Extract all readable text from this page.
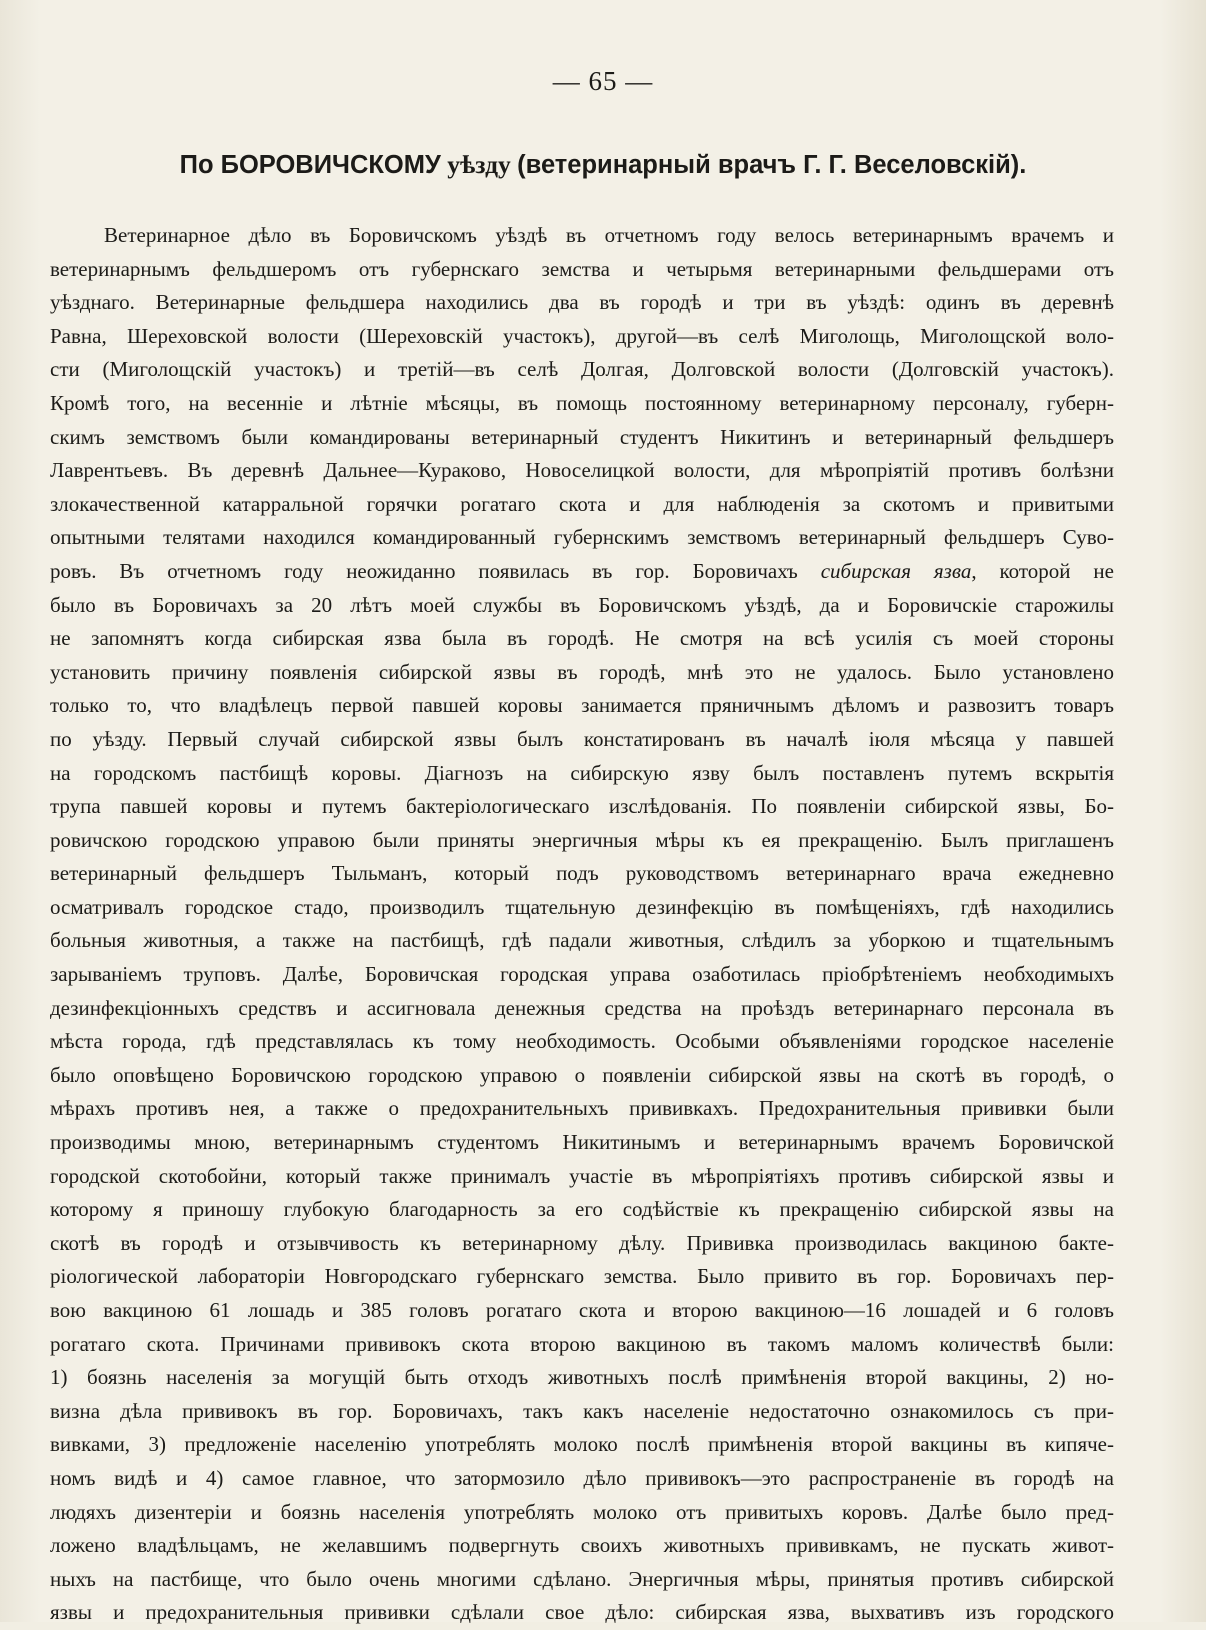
— 65 —
По БОРОВИЧСКОМУ уѣзду (ветеринарный врачъ Г. Г. Веселовскій).
Ветеринарное дѣло въ Боровичскомъ уѣздѣ въ отчетномъ году велось ветеринарнымъ врачемъ и
ветеринарнымъ фельдшеромъ отъ губернскаго земства и четырьмя ветеринарными фельдшерами отъ
уѣзднаго. Ветеринарные фельдшера находились два въ городѣ и три въ уѣздѣ: одинъ въ деревнѣ
Равна, Шереховской волости (Шереховскій участокъ), другой—въ селѣ Миголощь, Миголощской воло-
сти (Миголощскій участокъ) и третій—въ селѣ Долгая, Долговской волости (Долговскій участокъ).
Кромѣ того, на весенніе и лѣтніе мѣсяцы, въ помощь постоянному ветеринарному персоналу, губерн-
скимъ земствомъ были командированы ветеринарный студентъ Никитинъ и ветеринарный фельдшеръ
Лаврентьевъ. Въ деревнѣ Дальнее—Кураково, Новоселицкой волости, для мѣропріятій противъ болѣзни
злокачественной катарральной горячки рогатаго скота и для наблюденія за скотомъ и привитыми
опытными телятами находился командированный губернскимъ земствомъ ветеринарный фельдшеръ Суво-
ровъ. Въ отчетномъ году неожиданно появилась въ гор. Боровичахъ сибирская язва, которой не
было въ Боровичахъ за 20 лѣтъ моей службы въ Боровичскомъ уѣздѣ, да и Боровичскіе старожилы
не запомнятъ когда сибирская язва была въ городѣ. Не смотря на всѣ усилія съ моей стороны
установить причину появленія сибирской язвы въ городѣ, мнѣ это не удалось. Было установлено
только то, что владѣлецъ первой павшей коровы занимается пряничнымъ дѣломъ и развозитъ товаръ
по уѣзду. Первый случай сибирской язвы былъ констатированъ въ началѣ іюля мѣсяца у павшей
на городскомъ пастбищѣ коровы. Діагнозъ на сибирскую язву былъ поставленъ путемъ вскрытія
трупа павшей коровы и путемъ бактеріологическаго изслѣдованія. По появленіи сибирской язвы, Бо-
ровичскою городскою управою были приняты энергичныя мѣры къ ея прекращенію. Былъ приглашенъ
ветеринарный фельдшеръ Тыльманъ, который подъ руководствомъ ветеринарнаго врача ежедневно
осматривалъ городское стадо, производилъ тщательную дезинфекцію въ помѣщеніяхъ, гдѣ находились
больныя животныя, а также на пастбищѣ, гдѣ падали животныя, слѣдилъ за уборкою и тщательнымъ
зарываніемъ труповъ. Далѣе, Боровичская городская управа озаботилась пріобрѣтеніемъ необходимыхъ
дезинфекціонныхъ средствъ и ассигновала денежныя средства на проѣздъ ветеринарнаго персонала въ
мѣста города, гдѣ представлялась къ тому необходимость. Особыми объявленіями городское населеніе
было оповѣщено Боровичскою городскою управою о появленіи сибирской язвы на скотѣ въ городѣ, о
мѣрахъ противъ нея, а также о предохранительныхъ прививкахъ. Предохранительныя прививки были
производимы мною, ветеринарнымъ студентомъ Никитинымъ и ветеринарнымъ врачемъ Боровичской
городской скотобойни, который также принималъ участіе въ мѣропріятіяхъ противъ сибирской язвы и
которому я приношу глубокую благодарность за его содѣйствіе къ прекращенію сибирской язвы на
скотѣ въ городѣ и отзывчивость къ ветеринарному дѣлу. Прививка производилась вакциною бакте-
ріологической лабораторіи Новгородскаго губернскаго земства. Было привито въ гор. Боровичахъ пер-
вою вакциною 61 лошадь и 385 головъ рогатаго скота и второю вакциною—16 лошадей и 6 головъ
рогатаго скота. Причинами прививокъ скота второю вакциною въ такомъ маломъ количествѣ были:
1) боязнь населенія за могущій быть отходъ животныхъ послѣ примѣненія второй вакцины, 2) но-
визна дѣла прививокъ въ гор. Боровичахъ, такъ какъ населеніе недостаточно ознакомилось съ при-
вивками, 3) предложеніе населенію употреблять молоко послѣ примѣненія второй вакцины въ кипяче-
номъ видѣ и 4) самое главное, что затормозило дѣло прививокъ—это распространеніе въ городѣ на
людяхъ дизентеріи и боязнь населенія употреблять молоко отъ привитыхъ коровъ. Далѣе было пред-
ложено владѣльцамъ, не желавшимъ подвергнуть своихъ животныхъ прививкамъ, не пускать живот-
ныхъ на пастбище, что было очень многими сдѣлано. Энергичныя мѣры, принятыя противъ сибирской
язвы и предохранительныя прививки сдѣлали свое дѣло: сибирская язва, выхвативъ изъ городского
